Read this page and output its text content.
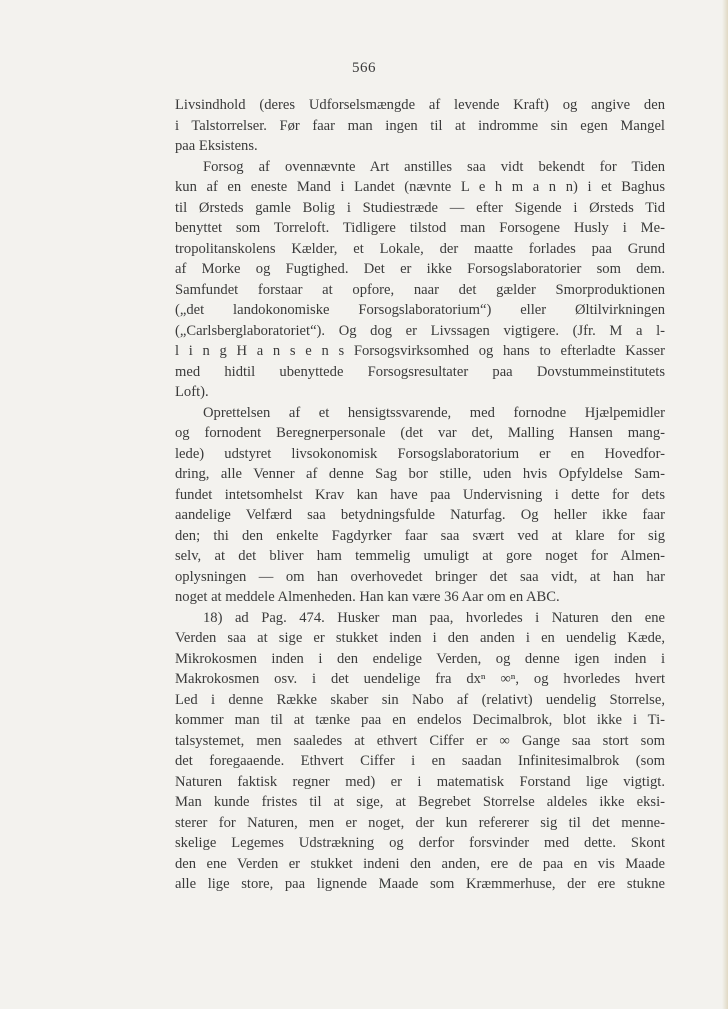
566
Livsindhold (deres Udforselsmængde af levende Kraft) og angive den
i Talstorrelser. Før faar man ingen til at indromme sin egen Mangel
paa Eksistens.
Forsog af ovennævnte Art anstilles saa vidt bekendt for Tiden
kun af en eneste Mand i Landet (nævnte L e h m a n n) i et Baghus
til Ørsteds gamle Bolig i Studiestræde — efter Sigende i Ørsteds Tid
benyttet som Torreloft. Tidligere tilstod man Forsogene Husly i Me-
tropolitanskolens Kælder, et Lokale, der maatte forlades paa Grund
af Morke og Fugtighed. Det er ikke Forsogslaboratorier som dem.
Samfundet forstaar at opfore, naar det gælder Smorproduktionen
(„det landokonomiske Forsogslaboratorium“) eller Øltilvirkningen
(„Carlsberglaboratoriet“). Og dog er Livssagen vigtigere. (Jfr. M a l-
l i n g H a n s e n s Forsogsvirksomhed og hans to efterladte Kasser
med hidtil ubenyttede Forsogsresultater paa Dovstummeinstitutets
Loft).
Oprettelsen af et hensigtssvarende, med fornodne Hjælpemidler
og fornodent Beregnerpersonale (det var det, Malling Hansen mang-
lede) udstyret livsokonomisk Forsogslaboratorium er en Hovedfor-
dring, alle Venner af denne Sag bor stille, uden hvis Opfyldelse Sam-
fundet intetsomhelst Krav kan have paa Undervisning i dette for dets
aandelige Velfærd saa betydningsfulde Naturfag. Og heller ikke faar
den; thi den enkelte Fagdyrker faar saa svært ved at klare for sig
selv, at det bliver ham temmelig umuligt at gore noget for Almen-
oplysningen — om han overhovedet bringer det saa vidt, at han har
noget at meddele Almenheden. Han kan være 36 Aar om en ABC.
18) ad Pag. 474. Husker man paa, hvorledes i Naturen den ene
Verden saa at sige er stukket inden i den anden i en uendelig Kæde,
Mikrokosmen inden i den endelige Verden, og denne igen inden i
Makrokosmen osv. i det uendelige fra dxⁿ ∞ⁿ, og hvorledes hvert
Led i denne Række skaber sin Nabo af (relativt) uendelig Storrelse,
kommer man til at tænke paa en endelos Decimalbrok, blot ikke i Ti-
talsystemet, men saaledes at ethvert Ciffer er ∞ Gange saa stort som
det foregaaende. Ethvert Ciffer i en saadan Infinitesimalbrok (som
Naturen faktisk regner med) er i matematisk Forstand lige vigtigt.
Man kunde fristes til at sige, at Begrebet Storrelse aldeles ikke eksi-
sterer for Naturen, men er noget, der kun refererer sig til det menne-
skelige Legemes Udstrækning og derfor forsvinder med dette. Skont
den ene Verden er stukket indeni den anden, ere de paa en vis Maade
alle lige store, paa lignende Maade som Kræmmerhuse, der ere stukne
